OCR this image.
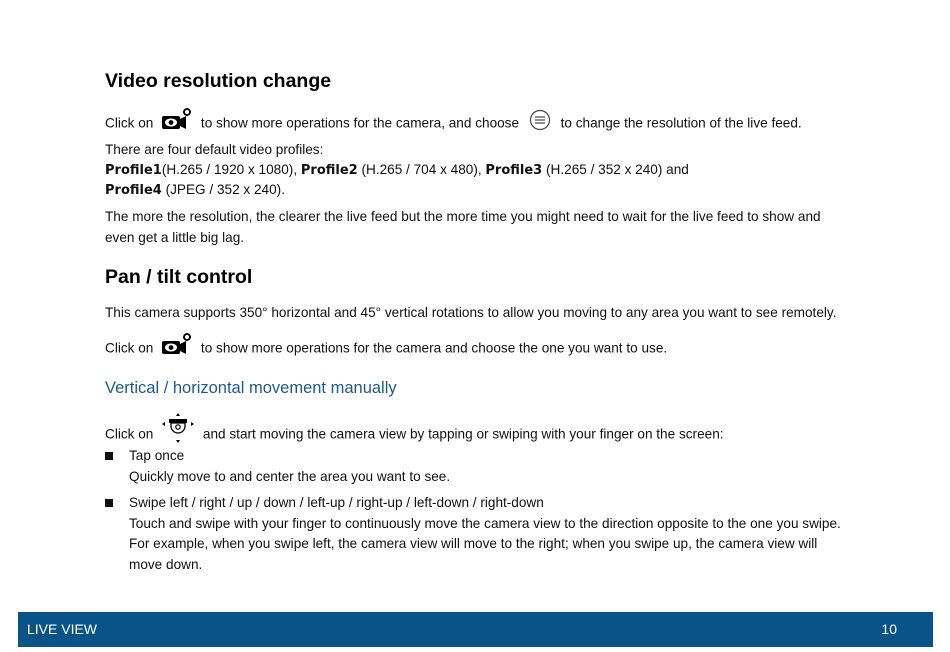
Video resolution change
Click on	to show more operations for the camera, and choose	to change the resolution of the live feed.
There are four default video profiles:
Profile1(H.265 / 1920 x 1080), Profile2 (H.265 / 704 x 480), Profile3 (H.265 / 352 x 240) and
Profile4 (JPEG / 352 x 240).
The more the resolution, the clearer the live feed but the more time you might need to wait for the live feed to show and
even get a little big lag.
Pan / tilt control
This camera supports 350° horizontal and 45° vertical rotations to allow you moving to any area you want to see remotely.
Click on	to show more operations for the camera and choose the one you want to use.
Vertical / horizontal movement manually
Click on	and start moving the camera view by tapping or swiping with your finger on the screen:
Tap once
Quickly move to and center the area you want to see.
Swipe left / right / up / down / left-up / right-up / left-down / right-down
Touch and swipe with your finger to continuously move the camera view to the direction opposite to the one you swipe.
For example, when you swipe left, the camera view will move to the right; when you swipe up, the camera view will
move down.
LIVE VIEW	10
